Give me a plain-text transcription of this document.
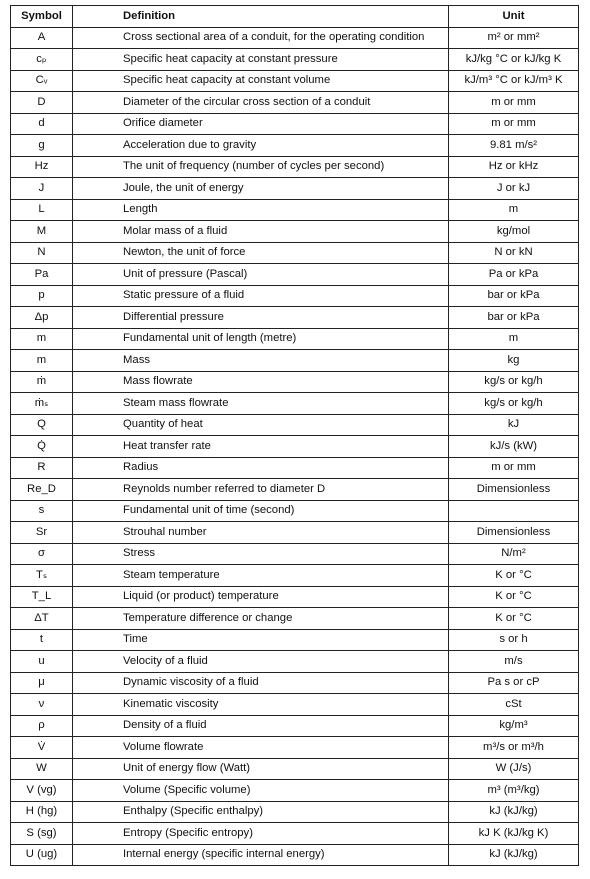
Symbol	Definition	Unit
A	Cross sectional area of a conduit, for the operating condition	m² or mm²
cₚ	Specific heat capacity at constant pressure	kJ/kg °C or kJ/kg K
Cᵥ	Specific heat capacity at constant volume	kJ/m³ °C or kJ/m³ K
D	Diameter of the circular cross section of a conduit	m or mm
d	Orifice diameter	m or mm
g	Acceleration due to gravity	9.81 m/s²
Hz	The unit of frequency (number of cycles per second)	Hz or kHz
J	Joule, the unit of energy	J or kJ
L	Length	m
M	Molar mass of a fluid	kg/mol
N	Newton, the unit of force	N or kN
Pa	Unit of pressure (Pascal)	Pa or kPa
p	Static pressure of a fluid	bar or kPa
Δp	Differential pressure	bar or kPa
m	Fundamental unit of length (metre)	m
m	Mass	kg
ṁ	Mass flowrate	kg/s or kg/h
ṁₛ	Steam mass flowrate	kg/s or kg/h
Q	Quantity of heat	kJ
Q̇	Heat transfer rate	kJ/s (kW)
R	Radius	m or mm
Re_D	Reynolds number referred to diameter D	Dimensionless
s	Fundamental unit of time (second)	
Sr	Strouhal number	Dimensionless
σ	Stress	N/m²
Tₛ	Steam temperature	K or °C
T_L	Liquid (or product) temperature	K or °C
ΔT	Temperature difference or change	K or °C
t	Time	s or h
u	Velocity of a fluid	m/s
μ	Dynamic viscosity of a fluid	Pa s or cP
ν	Kinematic viscosity	cSt
ρ	Density of a fluid	kg/m³
V̇	Volume flowrate	m³/s or m³/h
W	Unit of energy flow (Watt)	W (J/s)
V (vg)	Volume (Specific volume)	m³ (m³/kg)
H (hg)	Enthalpy (Specific enthalpy)	kJ (kJ/kg)
S (sg)	Entropy (Specific entropy)	kJ K (kJ/kg K)
U (ug)	Internal energy (specific internal energy)	kJ (kJ/kg)
